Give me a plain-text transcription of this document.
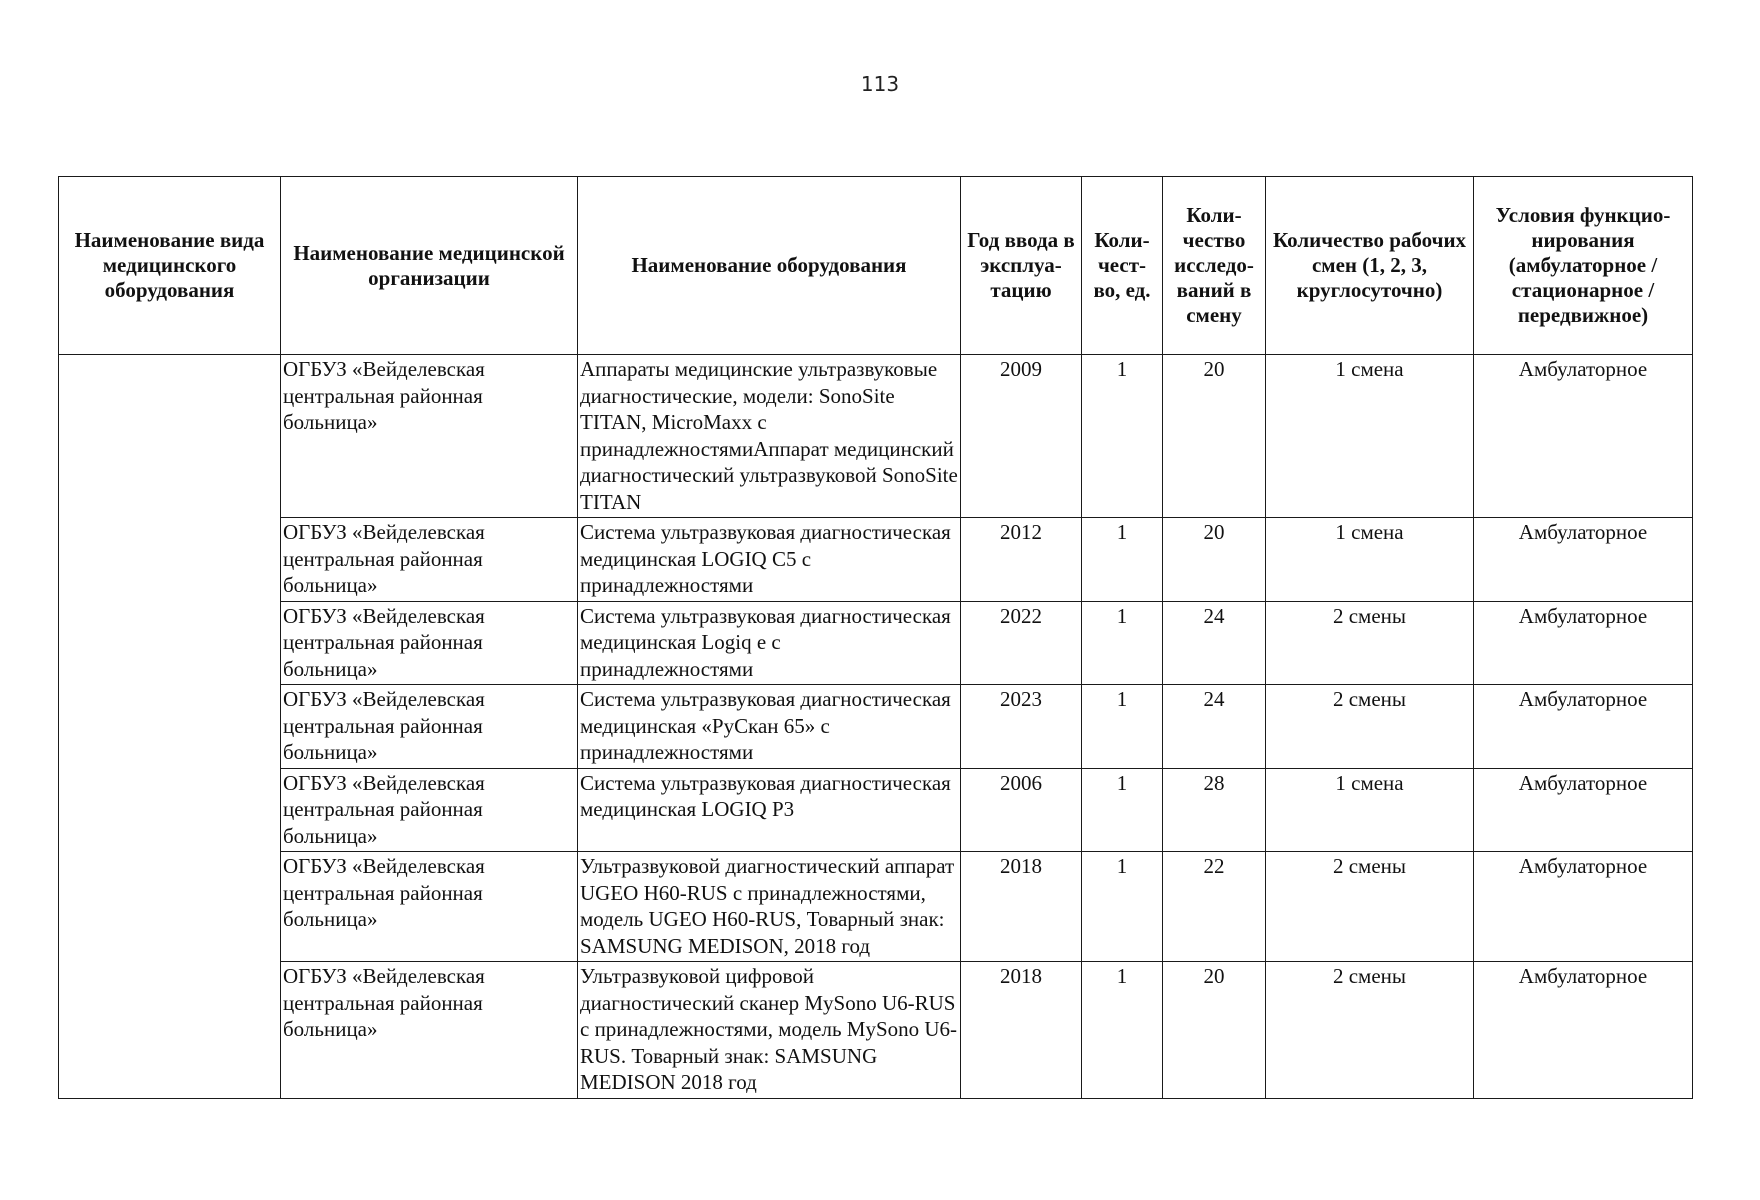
113
Наименование вида медицинского оборудования	Наименование медицинской организации	Наименование оборудования	Год ввода в эксплуа-тацию	Коли-чест-во, ед.	Коли-чество исследо-ваний в смену	Количество рабочих смен (1, 2, 3, круглосуточно)	Условия функцио-нирования (амбулаторное / стационарное / передвижное)
	ОГБУЗ «Вейделевская центральная районная больница»	Аппараты медицинские ультразвуковые диагностические, модели: SonoSite TITAN, MicroMaxx с принадлежностямиАппарат медицинский диагностический ультразвуковой SonoSite TITAN	2009	1	20	1 смена	Амбулаторное
	ОГБУЗ «Вейделевская центральная районная больница»	Система ультразвуковая диагностическая медицинская LOGIQ C5 с принадлежностями	2012	1	20	1 смена	Амбулаторное
	ОГБУЗ «Вейделевская центральная районная больница»	Система ультразвуковая диагностическая медицинская Logiq e с принадлежностями	2022	1	24	2 смены	Амбулаторное
	ОГБУЗ «Вейделевская центральная районная больница»	Система ультразвуковая диагностическая медицинская «РуСкан 65» с принадлежностями	2023	1	24	2 смены	Амбулаторное
	ОГБУЗ «Вейделевская центральная районная больница»	Система ультразвуковая диагностическая медицинская LOGIQ P3	2006	1	28	1 смена	Амбулаторное
	ОГБУЗ «Вейделевская центральная районная больница»	Ультразвуковой диагностический аппарат UGEO H60-RUS с принадлежностями, модель UGEO H60-RUS, Товарный знак: SAMSUNG MEDISON, 2018 год	2018	1	22	2 смены	Амбулаторное
	ОГБУЗ «Вейделевская центральная районная больница»	Ультразвуковой цифровой диагностический сканер MySono U6-RUS с принадлежностями, модель MySono U6-RUS. Товарный знак: SAMSUNG MEDISON 2018 год	2018	1	20	2 смены	Амбулаторное
